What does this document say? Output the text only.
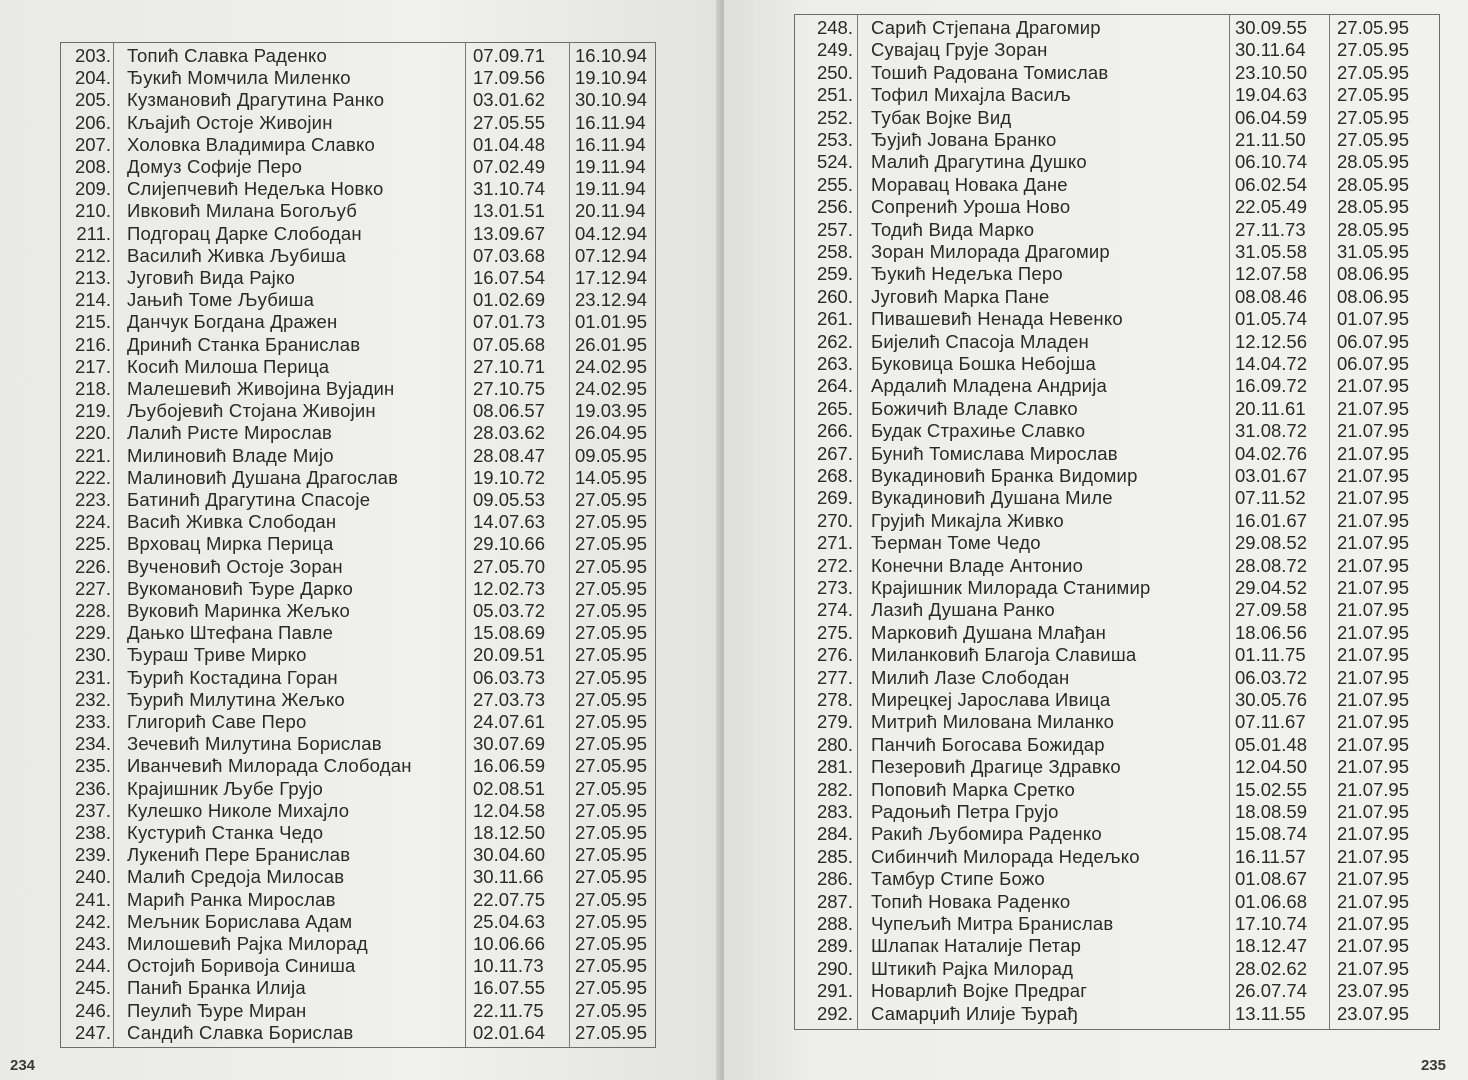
203. Топић Славка Раденко	07.09.71 16.10.94
204. Ђукић Момчила Миленко	17.09.56 19.10.94
205. Кузмановић Драгутина Ранко	03.01.62 30.10.94
206. Кљајић Остоје Живојин	27.05.55 16.11.94
207. Холовка Владимира Славко	01.04.48 16.11.94
208. Домуз Софије Перо	07.02.49 19.11.94
209. Слијепчевић Недељка Новко	31.10.74 19.11.94
210. Ивковић Милана Богољуб	13.01.51 20.11.94
211. Подгорац Дарке Слободан	13.09.67 04.12.94
212. Василић Живка Љубиша	07.03.68 07.12.94
213. Југовић Вида Рајко	16.07.54 17.12.94
214. Јањић Томе Љубиша	01.02.69 23.12.94
215. Данчук Богдана Дражен	07.01.73 01.01.95
216. Дринић Станка Бранислав	07.05.68 26.01.95
217. Косић Милоша Перица	27.10.71 24.02.95
218. Малешевић Живојина Вујадин	27.10.75 24.02.95
219. Љубојевић Стојана Живојин	08.06.57 19.03.95
220. Лалић Ристе Мирослав	28.03.62 26.04.95
221. Милиновић Владе Мијо	28.08.47 09.05.95
222. Малиновић Душана Драгослав	19.10.72 14.05.95
223. Батинић Драгутина Спасоје	09.05.53 27.05.95
224. Васић Живка Слободан	14.07.63 27.05.95
225. Врховац Мирка Перица	29.10.66 27.05.95
226. Вученовић Остоје Зоран	27.05.70 27.05.95
227. Вукомановић Ђуре Дарко	12.02.73 27.05.95
228. Вуковић Маринка Жељко	05.03.72 27.05.95
229. Дањко Штефана Павле	15.08.69 27.05.95
230. Ђураш Триве Мирко	20.09.51 27.05.95
231. Ђурић Костадина Горан	06.03.73 27.05.95
232. Ђурић Милутина Жељко	27.03.73 27.05.95
233. Глигорић Саве Перо	24.07.61 27.05.95
234. Зечевић Милутина Борислав	30.07.69 27.05.95
235. Иванчевић Милорада Слободан	16.06.59 27.05.95
236. Крајишник Љубе Грујо	02.08.51 27.05.95
237. Кулешко Николе Михајло	12.04.58 27.05.95
238. Кустурић Станка Чедо	18.12.50 27.05.95
239. Лукенић Пере Бранислав	30.04.60 27.05.95
240. Малић Средоја Милосав	30.11.66 27.05.95
241. Марић Ранка Мирослав	22.07.75 27.05.95
242. Мељник Борислава Адам	25.04.63 27.05.95
243. Милошевић Рајка Милорад	10.06.66 27.05.95
244. Остојић Боривоја Синиша	10.11.73 27.05.95
245. Панић Бранка Илија	16.07.55 27.05.95
246. Пеулић Ђуре Миран	22.11.75 27.05.95
247. Сандић Славка Борислав	02.01.64 27.05.95
234
248. Сарић Стјепана Драгомир	30.09.55 27.05.95
249. Сувајац Грује Зоран	30.11.64 27.05.95
250. Тошић Радована Томислав	23.10.50 27.05.95
251. Тофил Михајла Васиљ	19.04.63 27.05.95
252. Тубак Војке Вид	06.04.59 27.05.95
253. Ђујић Јована Бранко	21.11.50 27.05.95
524. Малић Драгутина Душко	06.10.74 28.05.95
255. Моравац Новака Дане	06.02.54 28.05.95
256. Сопренић Уроша Ново	22.05.49 28.05.95
257. Тодић Вида Марко	27.11.73 28.05.95
258. Зоран Милорада Драгомир	31.05.58 31.05.95
259. Ђукић Недељка Перо	12.07.58 08.06.95
260. Југовић Марка Пане	08.08.46 08.06.95
261. Пивашевић Ненада Невенко	01.05.74 01.07.95
262. Бијелић Спасоја Младен	12.12.56 06.07.95
263. Буковица Бошка Небојша	14.04.72 06.07.95
264. Ардалић Младена Андрија	16.09.72 21.07.95
265. Божичић Владе Славко	20.11.61 21.07.95
266. Будак Страхиње Славко	31.08.72 21.07.95
267. Бунић Томислава Мирослав	04.02.76 21.07.95
268. Вукадиновић Бранка Видомир	03.01.67 21.07.95
269. Вукадиновић Душана Миле	07.11.52 21.07.95
270. Грујић Микајла Живко	16.01.67 21.07.95
271. Ђерман Томе Чедо	29.08.52 21.07.95
272. Конечни Владе Антонио	28.08.72 21.07.95
273. Крајишник Милорада Станимир	29.04.52 21.07.95
274. Лазић Душана Ранко	27.09.58 21.07.95
275. Марковић Душана Млађан	18.06.56 21.07.95
276. Миланковић Благоја Славиша	01.11.75 21.07.95
277. Милић Лазе Слободан	06.03.72 21.07.95
278. Мирецкеј Јарослава Ивица	30.05.76 21.07.95
279. Митрић Милована Миланко	07.11.67 21.07.95
280. Панчић Богосава Божидар	05.01.48 21.07.95
281. Пезеровић Драгице Здравко	12.04.50 21.07.95
282. Поповић Марка Сретко	15.02.55 21.07.95
283. Радоњић Петра Грујо	18.08.59 21.07.95
284. Ракић Љубомира Раденко	15.08.74 21.07.95
285. Сибинчић Милорада Недељко	16.11.57 21.07.95
286. Тамбур Стипе Божо	01.08.67 21.07.95
287. Топић Новака Раденко	01.06.68 21.07.95
288. Чупељић Митра Бранислав	17.10.74 21.07.95
289. Шлапак Наталије Петар	18.12.47 21.07.95
290. Штикић Рајка Милорад	28.02.62 21.07.95
291. Новарлић Војке Предраг	26.07.74 23.07.95
292. Самарџић Илије Ђурађ	13.11.55 23.07.95
235
